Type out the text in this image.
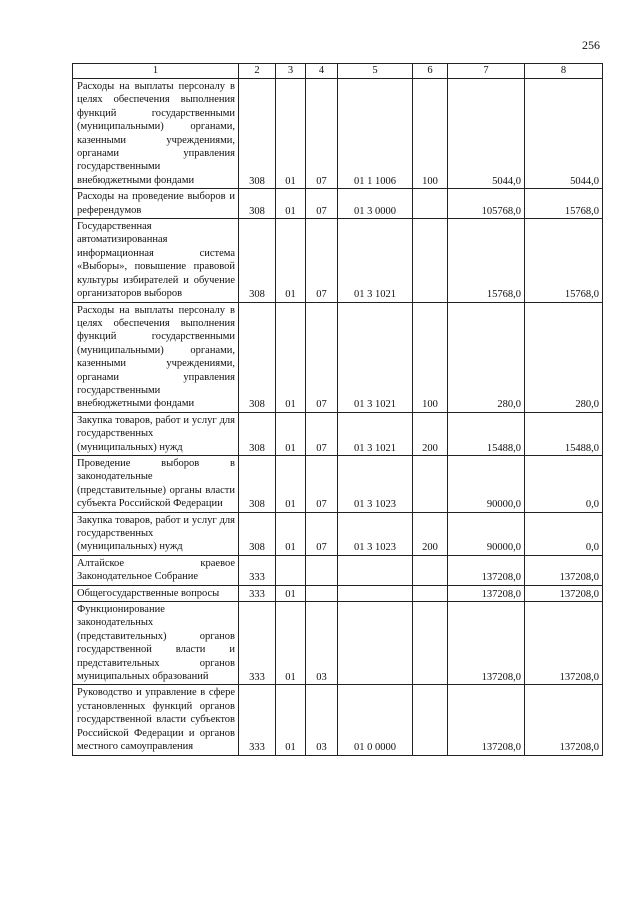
256
1	2	3	4	5	6	7	8
Расходы на выплаты персоналу в целях обеспечения выполнения функций государственными (муниципальными) органами, казенными учреждениями, органами управления государственными внебюджетными фондами	308	01	07	01 1 1006	100	5044,0	5044,0
Расходы на проведение выборов и референдумов	308	01	07	01 3 0000		105768,0	15768,0
Государственная автоматизированная информационная система «Выборы», повышение правовой культуры избирателей и обучение организаторов выборов	308	01	07	01 3 1021		15768,0	15768,0
Расходы на выплаты персоналу в целях обеспечения выполнения функций государственными (муниципальными) органами, казенными учреждениями, органами управления государственными внебюджетными фондами	308	01	07	01 3 1021	100	280,0	280,0
Закупка товаров, работ и услуг для государственных (муниципальных) нужд	308	01	07	01 3 1021	200	15488,0	15488,0
Проведение выборов в законодательные (представительные) органы власти субъекта Российской Федерации	308	01	07	01 3 1023		90000,0	0,0
Закупка товаров, работ и услуг для государственных (муниципальных) нужд	308	01	07	01 3 1023	200	90000,0	0,0
Алтайское краевое Законодательное Собрание	333					137208,0	137208,0
Общегосударственные вопросы	333	01				137208,0	137208,0
Функционирование законодательных (представительных) органов государственной власти и представительных органов муниципальных образований	333	01	03			137208,0	137208,0
Руководство и управление в сфере установленных функций органов государственной власти субъектов Российской Федерации и органов местного самоуправления	333	01	03	01 0 0000		137208,0	137208,0
